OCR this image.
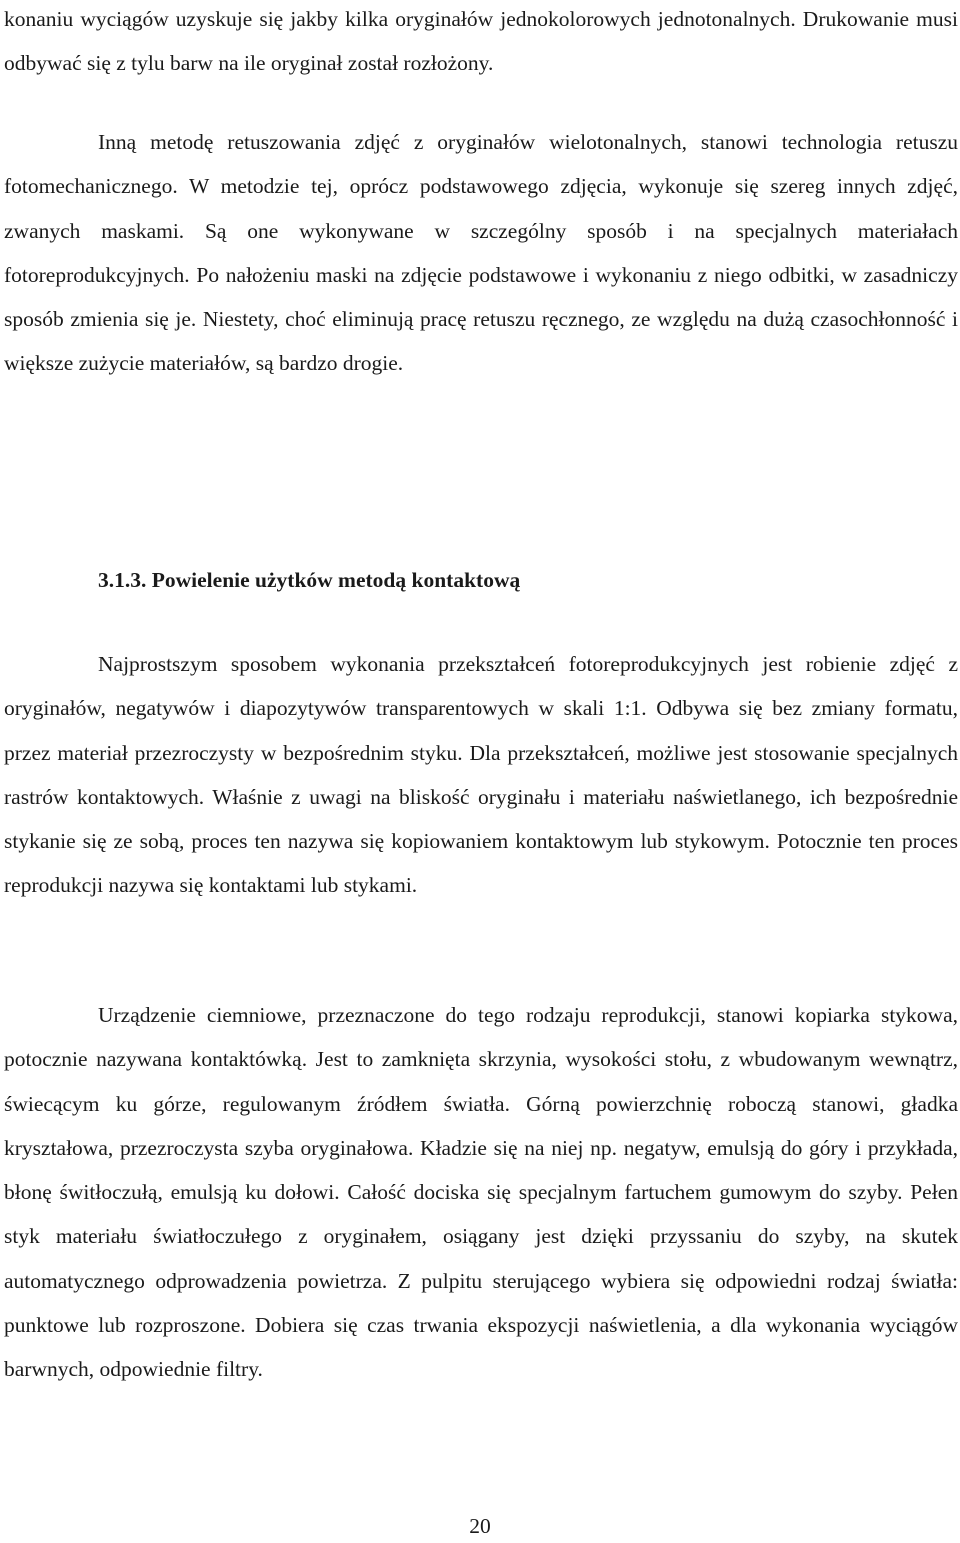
konaniu wyciągów uzyskuje się jakby kilka oryginałów jednokolorowych jednotonalnych. Drukowanie musi odbywać się z tylu barw na ile oryginał został rozłożony.

Inną metodę retuszowania zdjęć z oryginałów wielotonalnych, stanowi technologia retuszu fotomechanicznego. W metodzie tej, oprócz podstawowego zdjęcia, wykonuje się szereg innych zdjęć, zwanych maskami. Są one wykonywane w szczególny sposób i na specjalnych materiałach fotoreprodukcyjnych. Po nałożeniu maski na zdjęcie podstawowe i wykonaniu z niego odbitki, w zasadniczy sposób zmienia się je. Niestety, choć eliminują pracę retuszu ręcznego, ze względu na dużą czasochłonność i większe zużycie materiałów, są bardzo drogie.

3.1.3. Powielenie użytków metodą kontaktową

Najprostszym sposobem wykonania przekształceń fotoreprodukcyjnych jest robienie zdjęć z oryginałów, negatywów i diapozytywów transparentowych w skali 1:1. Odbywa się bez zmiany formatu, przez materiał przezroczysty w bezpośrednim styku. Dla przekształceń, możliwe jest stosowanie specjalnych rastrów kontaktowych. Właśnie z uwagi na bliskość oryginału i materiału naświetlanego, ich bezpośrednie stykanie się ze sobą, proces ten nazywa się kopiowaniem kontaktowym lub stykowym. Potocznie ten proces reprodukcji nazywa się kontaktami lub stykami.

Urządzenie ciemniowe, przeznaczone do tego rodzaju reprodukcji, stanowi kopiarka stykowa, potocznie nazywana kontaktówką. Jest to zamknięta skrzynia, wysokości stołu, z wbudowanym wewnątrz, świecącym ku górze, regulowanym źródłem światła. Górną powierzchnię roboczą stanowi, gładka kryształowa, przezroczysta szyba oryginałowa. Kładzie się na niej np. negatyw, emulsją do góry i przykłada, błonę świtłoczułą, emulsją ku dołowi. Całość dociska się specjalnym fartuchem gumowym do szyby. Pełen styk materiału światłoczułego z oryginałem, osiągany jest dzięki przyssaniu do szyby, na skutek automatycznego odprowadzenia powietrza. Z pulpitu sterującego wybiera się odpowiedni rodzaj światła: punktowe lub rozproszone. Dobiera się czas trwania ekspozycji naświetlenia, a dla wykonania wyciągów barwnych, odpowiednie filtry.

20
